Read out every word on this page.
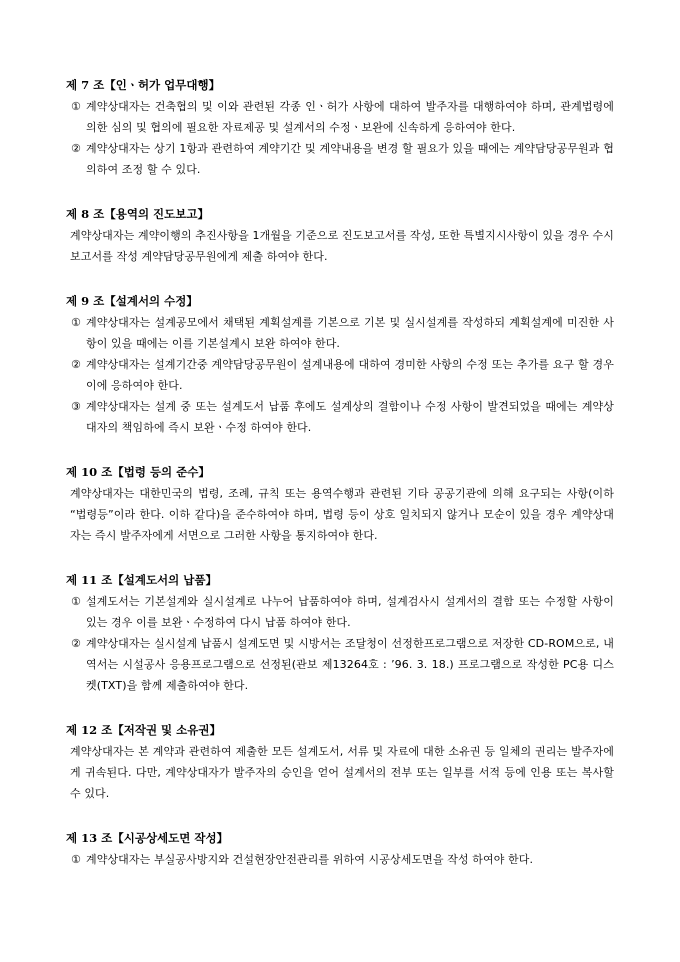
제 7 조【인ㆍ허가 업무대행】
① 계약상대자는 건축협의 및 이와 관련된 각종 인ㆍ허가 사항에 대하여 발주자를 대행하여야 하며, 관계법령에 의한 심의 및 협의에 필요한 자료제공 및 설계서의 수정ㆍ보완에 신속하게 응하여야 한다.
② 계약상대자는 상기 1항과 관련하여 계약기간 및 계약내용을 변경 할 필요가 있을 때에는 계약담당공무원과 협의하여 조정 할 수 있다.
제 8 조【용역의 진도보고】
계약상대자는 계약이행의 추진사항을 1개월을 기준으로 진도보고서를 작성, 또한 특별지시사항이 있을 경우 수시 보고서를 작성 계약담당공무원에게 제출 하여야 한다.
제 9 조【설계서의 수정】
① 계약상대자는 설계공모에서 채택된 계획설계를 기본으로 기본 및 실시설계를 작성하되 계획설계에 미진한 사항이 있을 때에는 이를 기본설계시 보완 하여야 한다.
② 계약상대자는 설계기간중 계약담당공무원이 설계내용에 대하여 경미한 사항의 수정 또는 추가를 요구 할 경우 이에 응하여야 한다.
③ 계약상대자는 설계 중 또는 설계도서 납품 후에도 설계상의 결함이나 수정 사항이 발견되었을 때에는 계약상대자의 책임하에 즉시 보완ㆍ수정 하여야 한다.
제 10 조【법령 등의 준수】
계약상대자는 대한민국의 법령, 조례, 규칙 또는 용역수행과 관련된 기타 공공기관에 의해 요구되는 사항(이하 “법령등”이라 한다. 이하 같다)을 준수하여야 하며, 법령 등이 상호 일치되지 않거나 모순이 있을 경우 계약상대자는 즉시 발주자에게 서면으로 그러한 사항을 통지하여야 한다.
제 11 조【설계도서의 납품】
① 설계도서는 기본설계와 실시설계로 나누어 납품하여야 하며, 설계검사시 설계서의 결함 또는 수정할 사항이 있는 경우 이를 보완ㆍ수정하여 다시 납품 하여야 한다.
② 계약상대자는 실시설계 납품시 설계도면 및 시방서는 조달청이 선정한프로그램으로 저장한 CD-ROM으로, 내역서는 시설공사 응용프로그램으로 선정된(관보 제13264호 : ’96. 3. 18.) 프로그램으로 작성한 PC용 디스켓(TXT)을 함께 제출하여야 한다.
제 12 조【저작권 및 소유권】
계약상대자는 본 계약과 관련하여 제출한 모든 설계도서, 서류 및 자료에 대한 소유권 등 일체의 권리는 발주자에게 귀속된다. 다만, 계약상대자가 발주자의 승인을 얻어 설계서의 전부 또는 일부를 서적 등에 인용 또는 복사할 수 있다.
제 13 조【시공상세도면 작성】
① 계약상대자는 부실공사방지와 건설현장안전관리를 위하여 시공상세도면을 작성 하여야 한다.
